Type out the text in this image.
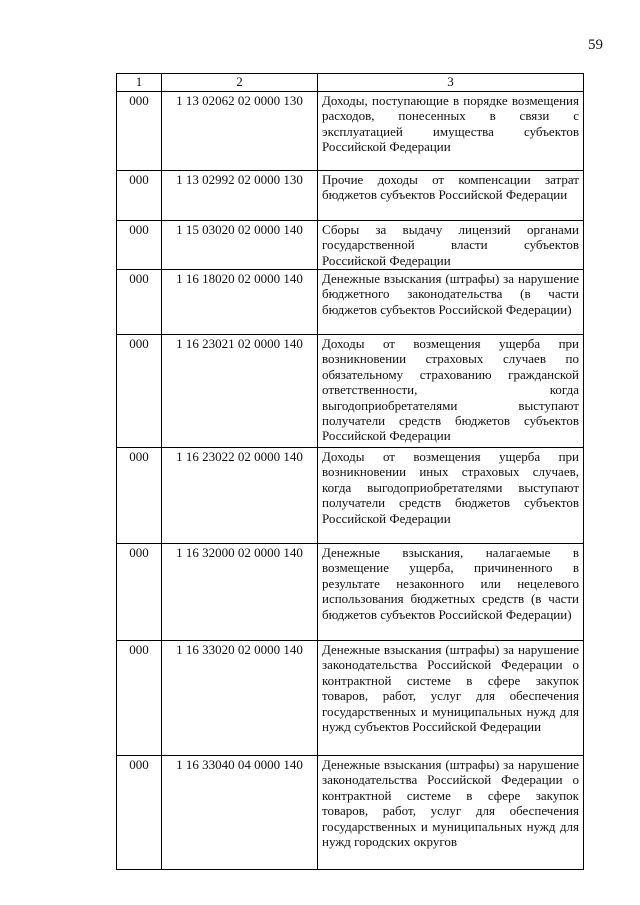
59
1	2	3
000	1 13 02062 02 0000 130	Доходы, поступающие в порядке возмещения расходов, понесенных в связи с эксплуатацией имущества субъектов Российской Федерации
000	1 13 02992 02 0000 130	Прочие доходы от компенсации затрат бюджетов субъектов Российской Федерации
000	1 15 03020 02 0000 140	Сборы за выдачу лицензий органами государственной власти субъектов Российской Федерации
000	1 16 18020 02 0000 140	Денежные взыскания (штрафы) за нарушение бюджетного законодательства (в части бюджетов субъектов Российской Федерации)
000	1 16 23021 02 0000 140	Доходы от возмещения ущерба при возникновении страховых случаев по обязательному страхованию гражданской ответственности, когда выгодоприобретателями выступают получатели средств бюджетов субъектов Российской Федерации
000	1 16 23022 02 0000 140	Доходы от возмещения ущерба при возникновении иных страховых случаев, когда выгодоприобретателями выступают получатели средств бюджетов субъектов Российской Федерации
000	1 16 32000 02 0000 140	Денежные взыскания, налагаемые в возмещение ущерба, причиненного в результате незаконного или нецелевого использования бюджетных средств (в части бюджетов субъектов Российской Федерации)
000	1 16 33020 02 0000 140	Денежные взыскания (штрафы) за нарушение законодательства Российской Федерации о контрактной системе в сфере закупок товаров, работ, услуг для обеспечения государственных и муниципальных нужд для нужд субъектов Российской Федерации
000	1 16 33040 04 0000 140	Денежные взыскания (штрафы) за нарушение законодательства Российской Федерации о контрактной системе в сфере закупок товаров, работ, услуг для обеспечения государственных и муниципальных нужд для нужд городских округов
